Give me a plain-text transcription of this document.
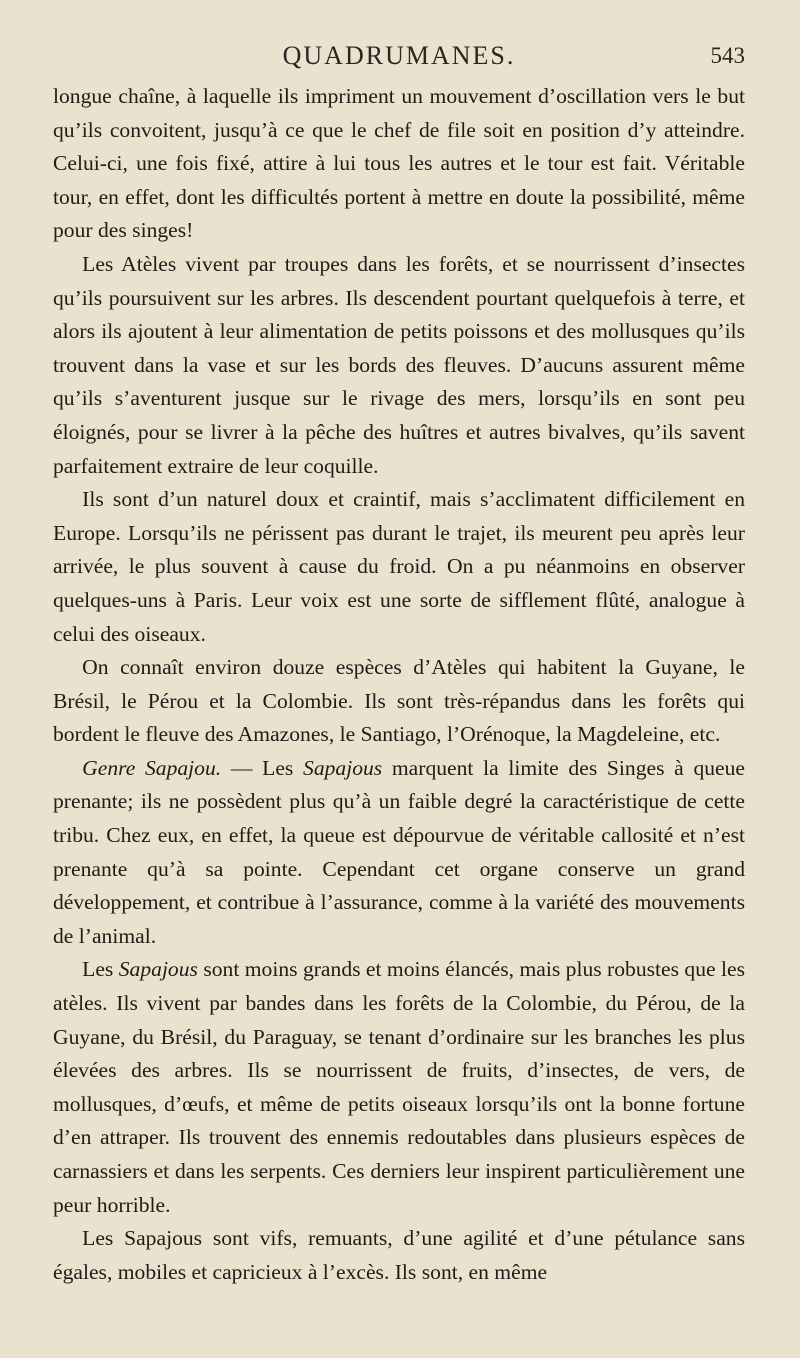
QUADRUMANES.	543

longue chaîne, à laquelle ils impriment un mouvement d’oscillation vers le but qu’ils convoitent, jusqu’à ce que le chef de file soit en position d’y atteindre. Celui-ci, une fois fixé, attire à lui tous les autres et le tour est fait. Véritable tour, en effet, dont les difficultés portent à mettre en doute la possibilité, même pour des singes!

Les Atèles vivent par troupes dans les forêts, et se nourrissent d’insectes qu’ils poursuivent sur les arbres. Ils descendent pourtant quelquefois à terre, et alors ils ajoutent à leur alimentation de petits poissons et des mollusques qu’ils trouvent dans la vase et sur les bords des fleuves. D’aucuns assurent même qu’ils s’aventurent jusque sur le rivage des mers, lorsqu’ils en sont peu éloignés, pour se livrer à la pêche des huîtres et autres bivalves, qu’ils savent parfaitement extraire de leur coquille.

Ils sont d’un naturel doux et craintif, mais s’acclimatent difficilement en Europe. Lorsqu’ils ne périssent pas durant le trajet, ils meurent peu après leur arrivée, le plus souvent à cause du froid. On a pu néanmoins en observer quelques-uns à Paris. Leur voix est une sorte de sifflement flûté, analogue à celui des oiseaux.

On connaît environ douze espèces d’Atèles qui habitent la Guyane, le Brésil, le Pérou et la Colombie. Ils sont très-répandus dans les forêts qui bordent le fleuve des Amazones, le Santiago, l’Orénoque, la Magdeleine, etc.

Genre Sapajou. — Les Sapajous marquent la limite des Singes à queue prenante; ils ne possèdent plus qu’à un faible degré la caractéristique de cette tribu. Chez eux, en effet, la queue est dépourvue de véritable callosité et n’est prenante qu’à sa pointe. Cependant cet organe conserve un grand développement, et contribue à l’assurance, comme à la variété des mouvements de l’animal.

Les Sapajous sont moins grands et moins élancés, mais plus robustes que les atèles. Ils vivent par bandes dans les forêts de la Colombie, du Pérou, de la Guyane, du Brésil, du Paraguay, se tenant d’ordinaire sur les branches les plus élevées des arbres. Ils se nourrissent de fruits, d’insectes, de vers, de mollusques, d’œufs, et même de petits oiseaux lorsqu’ils ont la bonne fortune d’en attraper. Ils trouvent des ennemis redoutables dans plusieurs espèces de carnassiers et dans les serpents. Ces derniers leur inspirent particulièrement une peur horrible.

Les Sapajous sont vifs, remuants, d’une agilité et d’une pétulance sans égales, mobiles et capricieux à l’excès. Ils sont, en même
